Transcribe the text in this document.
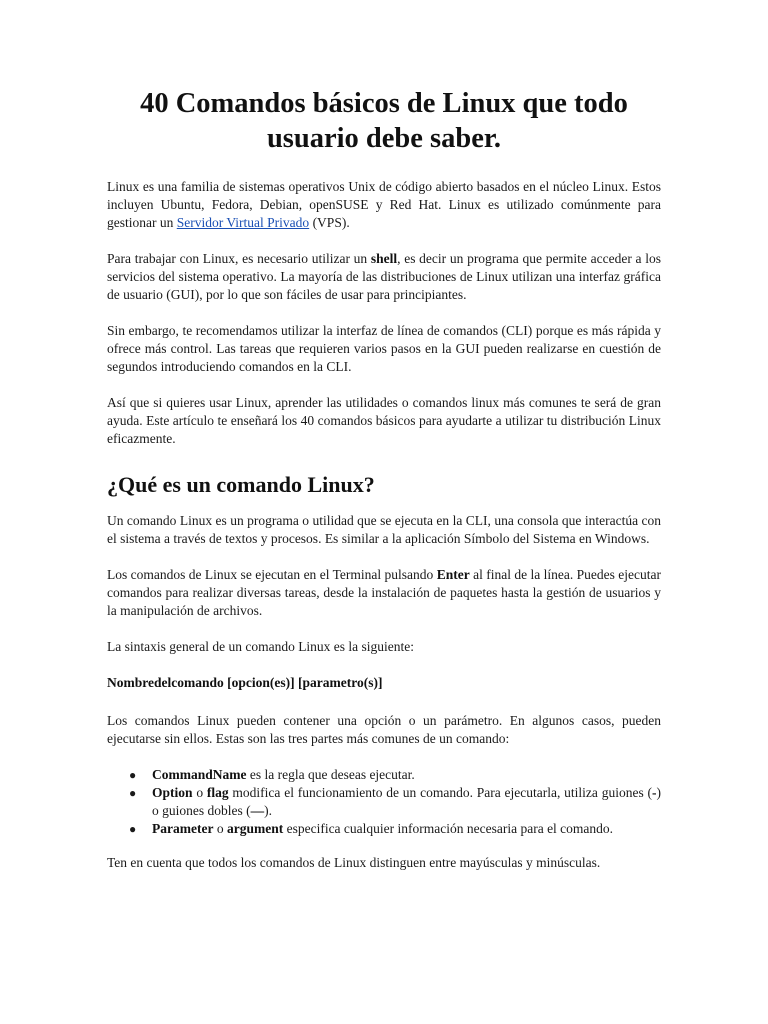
40 Comandos básicos de Linux que todo usuario debe saber.

Linux es una familia de sistemas operativos Unix de código abierto basados en el núcleo Linux. Estos incluyen Ubuntu, Fedora, Debian, openSUSE y Red Hat. Linux es utilizado comúnmente para gestionar un Servidor Virtual Privado (VPS).

Para trabajar con Linux, es necesario utilizar un shell, es decir un programa que permite acceder a los servicios del sistema operativo. La mayoría de las distribuciones de Linux utilizan una interfaz gráfica de usuario (GUI), por lo que son fáciles de usar para principiantes.

Sin embargo, te recomendamos utilizar la interfaz de línea de comandos (CLI) porque es más rápida y ofrece más control. Las tareas que requieren varios pasos en la GUI pueden realizarse en cuestión de segundos introduciendo comandos en la CLI.

Así que si quieres usar Linux, aprender las utilidades o comandos linux más comunes te será de gran ayuda. Este artículo te enseñará los 40 comandos básicos para ayudarte a utilizar tu distribución Linux eficazmente.

¿Qué es un comando Linux?

Un comando Linux es un programa o utilidad que se ejecuta en la CLI, una consola que interactúa con el sistema a través de textos y procesos. Es similar a la aplicación Símbolo del Sistema en Windows.

Los comandos de Linux se ejecutan en el Terminal pulsando Enter al final de la línea. Puedes ejecutar comandos para realizar diversas tareas, desde la instalación de paquetes hasta la gestión de usuarios y la manipulación de archivos.

La sintaxis general de un comando Linux es la siguiente:

Nombredelcomando [opcion(es)] [parametro(s)]

Los comandos Linux pueden contener una opción o un parámetro. En algunos casos, pueden ejecutarse sin ellos. Estas son las tres partes más comunes de un comando:

● CommandName es la regla que deseas ejecutar.
● Option o flag modifica el funcionamiento de un comando. Para ejecutarla, utiliza guiones (-) o guiones dobles (—).
● Parameter o argument especifica cualquier información necesaria para el comando.

Ten en cuenta que todos los comandos de Linux distinguen entre mayúsculas y minúsculas.
